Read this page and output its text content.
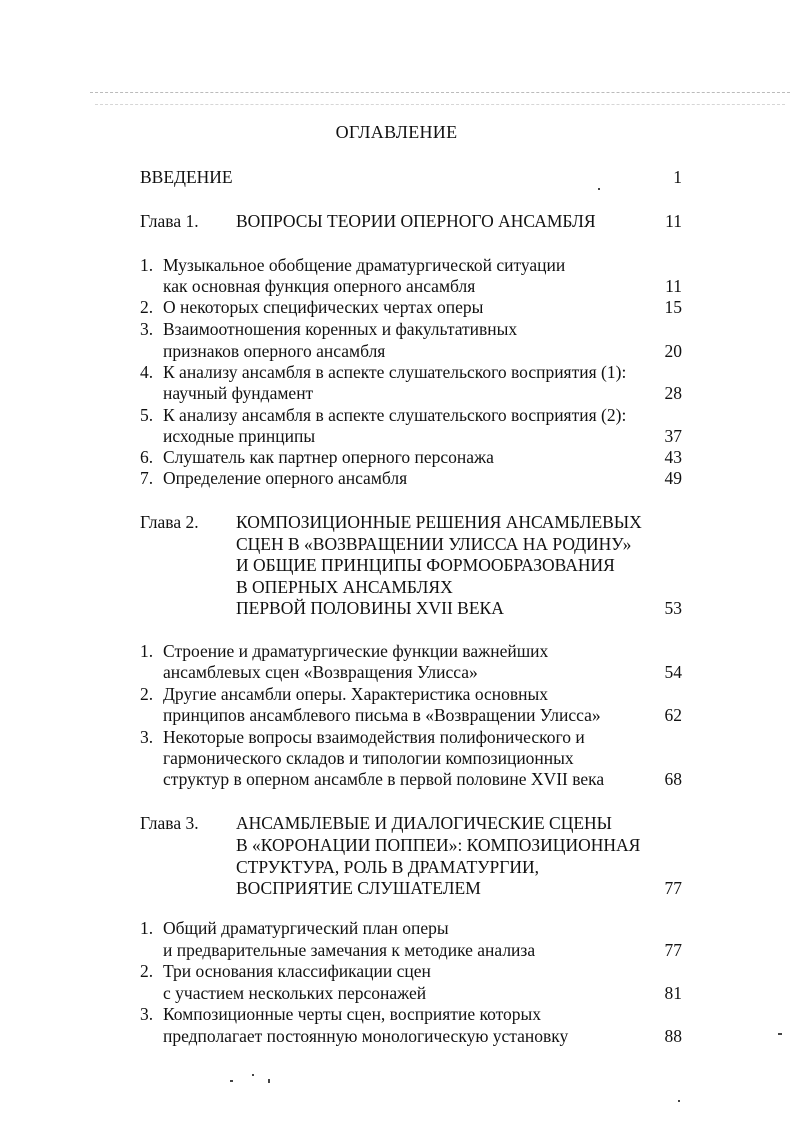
ОГЛАВЛЕНИЕ
ВВЕДЕНИЕ	1
Глава 1. ВОПРОСЫ ТЕОРИИ ОПЕРНОГО АНСАМБЛЯ	11
1. Музыкальное обобщение драматургической ситуации
как основная функция оперного ансамбля	11
2. О некоторых специфических чертах оперы	15
3. Взаимоотношения коренных и факультативных
признаков оперного ансамбля	20
4. К анализу ансамбля в аспекте слушательского восприятия (1):
научный фундамент	28
5. К анализу ансамбля в аспекте слушательского восприятия (2):
исходные принципы	37
6. Слушатель как партнер оперного персонажа	43
7. Определение оперного ансамбля	49
Глава 2. КОМПОЗИЦИОННЫЕ РЕШЕНИЯ АНСАМБЛЕВЫХ
СЦЕН В «ВОЗВРАЩЕНИИ УЛИССА НА РОДИНУ»
И ОБЩИЕ ПРИНЦИПЫ ФОРМООБРАЗОВАНИЯ
В ОПЕРНЫХ АНСАМБЛЯХ
ПЕРВОЙ ПОЛОВИНЫ XVII ВЕКА	53
1. Строение и драматургические функции важнейших
ансамблевых сцен «Возвращения Улисса»	54
2. Другие ансамбли оперы. Характеристика основных
принципов ансамблевого письма в «Возвращении Улисса»	62
3. Некоторые вопросы взаимодействия полифонического и
гармонического складов и типологии композиционных
структур в оперном ансамбле в первой половине XVII века	68
Глава 3. АНСАМБЛЕВЫЕ И ДИАЛОГИЧЕСКИЕ СЦЕНЫ
В «КОРОНАЦИИ ПОППЕИ»: КОМПОЗИЦИОННАЯ
СТРУКТУРА, РОЛЬ В ДРАМАТУРГИИ,
ВОСПРИЯТИЕ СЛУШАТЕЛЕМ	77
1. Общий драматургический план оперы
и предварительные замечания к методике анализа	77
2. Три основания классификации сцен
с участием нескольких персонажей	81
3. Композиционные черты сцен, восприятие которых
предполагает постоянную монологическую установку	88
